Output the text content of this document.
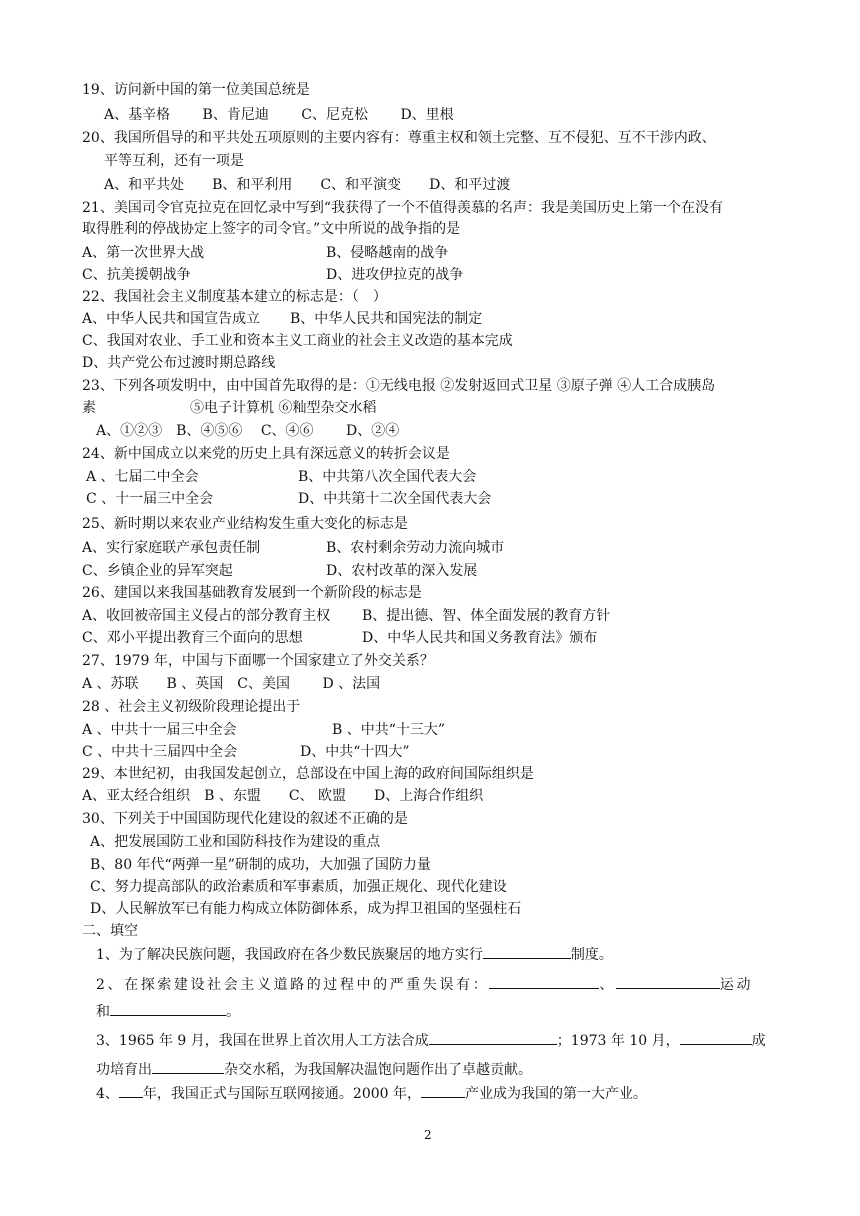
19、访问新中国的第一位美国总统是
A、基辛格　　 B、肯尼迪　　 C、尼克松　　 D、里根
20、我国所倡导的和平共处五项原则的主要内容有：尊重主权和领土完整、互不侵犯、互不干涉内政、
平等互利，还有一项是
A、和平共处　　B、和平利用　　C、和平演变　　D、和平过渡
21、美国司令官克拉克在回忆录中写到“我获得了一个不值得羡慕的名声：我是美国历史上第一个在没有
取得胜利的停战协定上签字的司令官。”文中所说的战争指的是
A、第一次世界大战	B、侵略越南的战争
C、抗美援朝战争	D、进攻伊拉克的战争
22、我国社会主义制度基本建立的标志是：（　）
A、中华人民共和国宣告成立 B、中华人民共和国宪法的制定
C、我国对农业、手工业和资本主义工商业的社会主义改造的基本完成
D、共产党公布过渡时期总路线
23、下列各项发明中，由中国首先取得的是：①无线电报 ②发射返回式卫星 ③原子弹 ④人工合成胰岛
素	⑤电子计算机 ⑥籼型杂交水稻
A、①②③　B、④⑤⑥　 C、④⑥　　 D、②④
24、新中国成立以来党的历史上具有深远意义的转折会议是
A 、七届二中全会	B、中共第八次全国代表大会
C 、十一届三中全会	D、中共第十二次全国代表大会
25、新时期以来农业产业结构发生重大变化的标志是
A、实行家庭联产承包责任制	B、农村剩余劳动力流向城市
C、乡镇企业的异军突起	D、农村改革的深入发展
26、建国以来我国基础教育发展到一个新阶段的标志是
A、收回被帝国主义侵占的部分教育主权 B、提出德、智、体全面发展的教育方针
C、邓小平提出教育三个面向的思想	D、中华人民共和国义务教育法》颁布
27、1979 年，中国与下面哪一个国家建立了外交关系？
A 、苏联　　B 、英国　C、美国　　 D 、法国
28 、社会主义初级阶段理论提出于
A 、中共十一届三中全会	B 、中共“十三大”
C 、中共十三届四中全会	D、中共“十四大”
29、本世纪初，由我国发起创立，总部设在中国上海的政府间国际组织是
A、亚太经合组织　B 、东盟　　C、 欧盟　　D、上海合作组织
30、下列关于中国国防现代化建设的叙述不正确的是
A、把发展国防工业和国防科技作为建设的重点
B、80 年代“两弹一星”研制的成功，大加强了国防力量
C、努力提高部队的政治素质和军事素质，加强正规化、现代化建设
D、人民解放军已有能力构成立体防御体系，成为捍卫祖国的坚强柱石
二、填空
1、为了解决民族问题，我国政府在各少数民族聚居的地方实行	制度。
2、在探索建设社会主义道路的过程中的严重失误有：	、	运动
和	。
3、1965 年 9 月，我国在世界上首次用人工方法合成	；1973 年 10 月，	成
功培育出	杂交水稻，为我国解决温饱问题作出了卓越贡献。
4、 年，我国正式与国际互联网接通。2000 年，	产业成为我国的第一大产业。
2
